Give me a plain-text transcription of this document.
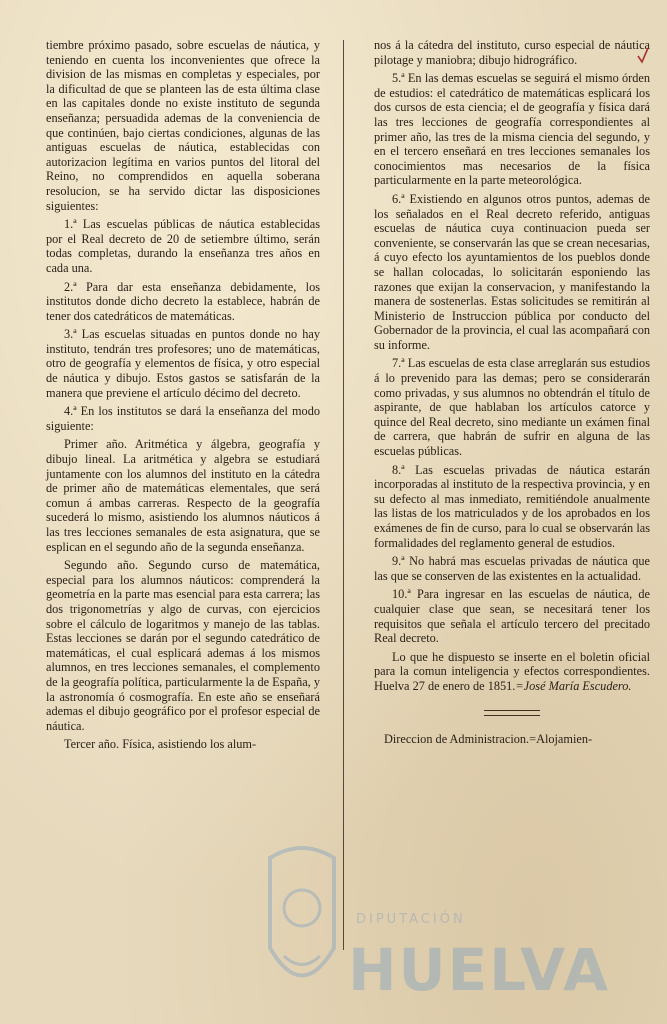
tiembre próximo pasado, sobre escuelas de náutica, y teniendo en cuenta los inconvenientes que ofrece la division de las mismas en completas y especiales, por la dificultad de que se planteen las de esta última clase en las capitales donde no existe instituto de segunda enseñanza; persuadida ademas de la conveniencia de que continúen, bajo ciertas condiciones, algunas de las antiguas escuelas de náutica, establecidas con autorizacion legítima en varios puntos del litoral del Reino, no comprendidos en aquella soberana resolucion, se ha servido dictar las disposiciones siguientes:

1.ª Las escuelas públicas de náutica establecidas por el Real decreto de 20 de setiembre último, serán todas completas, durando la enseñanza tres años en cada una.

2.ª Para dar esta enseñanza debidamente, los institutos donde dicho decreto la establece, habrán de tener dos catedráticos de matemáticas.

3.ª Las escuelas situadas en puntos donde no hay instituto, tendrán tres profesores; uno de matemáticas, otro de geografía y elementos de física, y otro especial de náutica y dibujo. Estos gastos se satisfarán de la manera que previene el artículo décimo del decreto.

4.ª En los institutos se dará la enseñanza del modo siguiente:

Primer año. Aritmética y álgebra, geografía y dibujo lineal. La aritmética y algebra se estudiará juntamente con los alumnos del instituto en la cátedra de primer año de matemáticas elementales, que será comun á ambas carreras. Respecto de la geografía sucederá lo mismo, asistiendo los alumnos náuticos á las tres lecciones semanales de esta asignatura, que se esplican en el segundo año de la segunda enseñanza.

Segundo año. Segundo curso de matemática, especial para los alumnos náuticos: comprenderá la geometría en la parte mas esencial para esta carrera; las dos trigonometrías y algo de curvas, con ejercicios sobre el cálculo de logaritmos y manejo de las tablas. Estas lecciones se darán por el segundo catedrático de matemáticas, el cual esplicará ademas á los mismos alumnos, en tres lecciones semanales, el complemento de la geografía política, particularmente la de España, y la astronomía ó cosmografía. En este año se enseñará ademas el dibujo geográfico por el profesor especial de náutica.

Tercer año. Física, asistiendo los alum-

nos á la cátedra del instituto, curso especial de náutica pilotage y maniobra; dibujo hidrográfico.

5.ª En las demas escuelas se seguirá el mismo órden de estudios: el catedrático de matemáticas esplicará los dos cursos de esta ciencia; el de geografía y física dará las tres lecciones de geografía correspondientes al primer año, las tres de la misma ciencia del segundo, y en el tercero enseñará en tres lecciones semanales los conocimientos mas necesarios de la física particularmente en la parte meteorológica.

6.ª Existiendo en algunos otros puntos, ademas de los señalados en el Real decreto referido, antiguas escuelas de náutica cuya continuacion pueda ser conveniente, se conservarán las que se crean necesarias, á cuyo efecto los ayuntamientos de los pueblos donde se hallan colocadas, lo solicitarán esponiendo las razones que exijan la conservacion, y manifestando la manera de sostenerlas. Estas solicitudes se remitirán al Ministerio de Instruccion pública por conducto del Gobernador de la provincia, el cual las acompañará con su informe.

7.ª Las escuelas de esta clase arreglarán sus estudios á lo prevenido para las demas; pero se considerarán como privadas, y sus alumnos no obtendrán el título de aspirante, de que hablaban los artículos catorce y quince del Real decreto, sino mediante un exámen final de carrera, que habrán de sufrir en alguna de las escuelas públicas.

8.ª Las escuelas privadas de náutica estarán incorporadas al instituto de la respectiva provincia, y en su defecto al mas inmediato, remitiéndole anualmente las listas de los matriculados y de los aprobados en los exámenes de fin de curso, para lo cual se observarán las formalidades del reglamento general de estudios.

9.ª No habrá mas escuelas privadas de náutica que las que se conserven de las existentes en la actualidad.

10.ª Para ingresar en las escuelas de náutica, de cualquier clase que sean, se necesitará tener los requisitos que señala el artículo tercero del precitado Real decreto.

Lo que he dispuesto se inserte en el boletin oficial para la comun inteligencia y efectos correspondientes. Huelva 27 de enero de 1851.=José María Escudero.

Direccion de Administracion.=Alojamien-

DIPUTACIÓN
HUELVA
